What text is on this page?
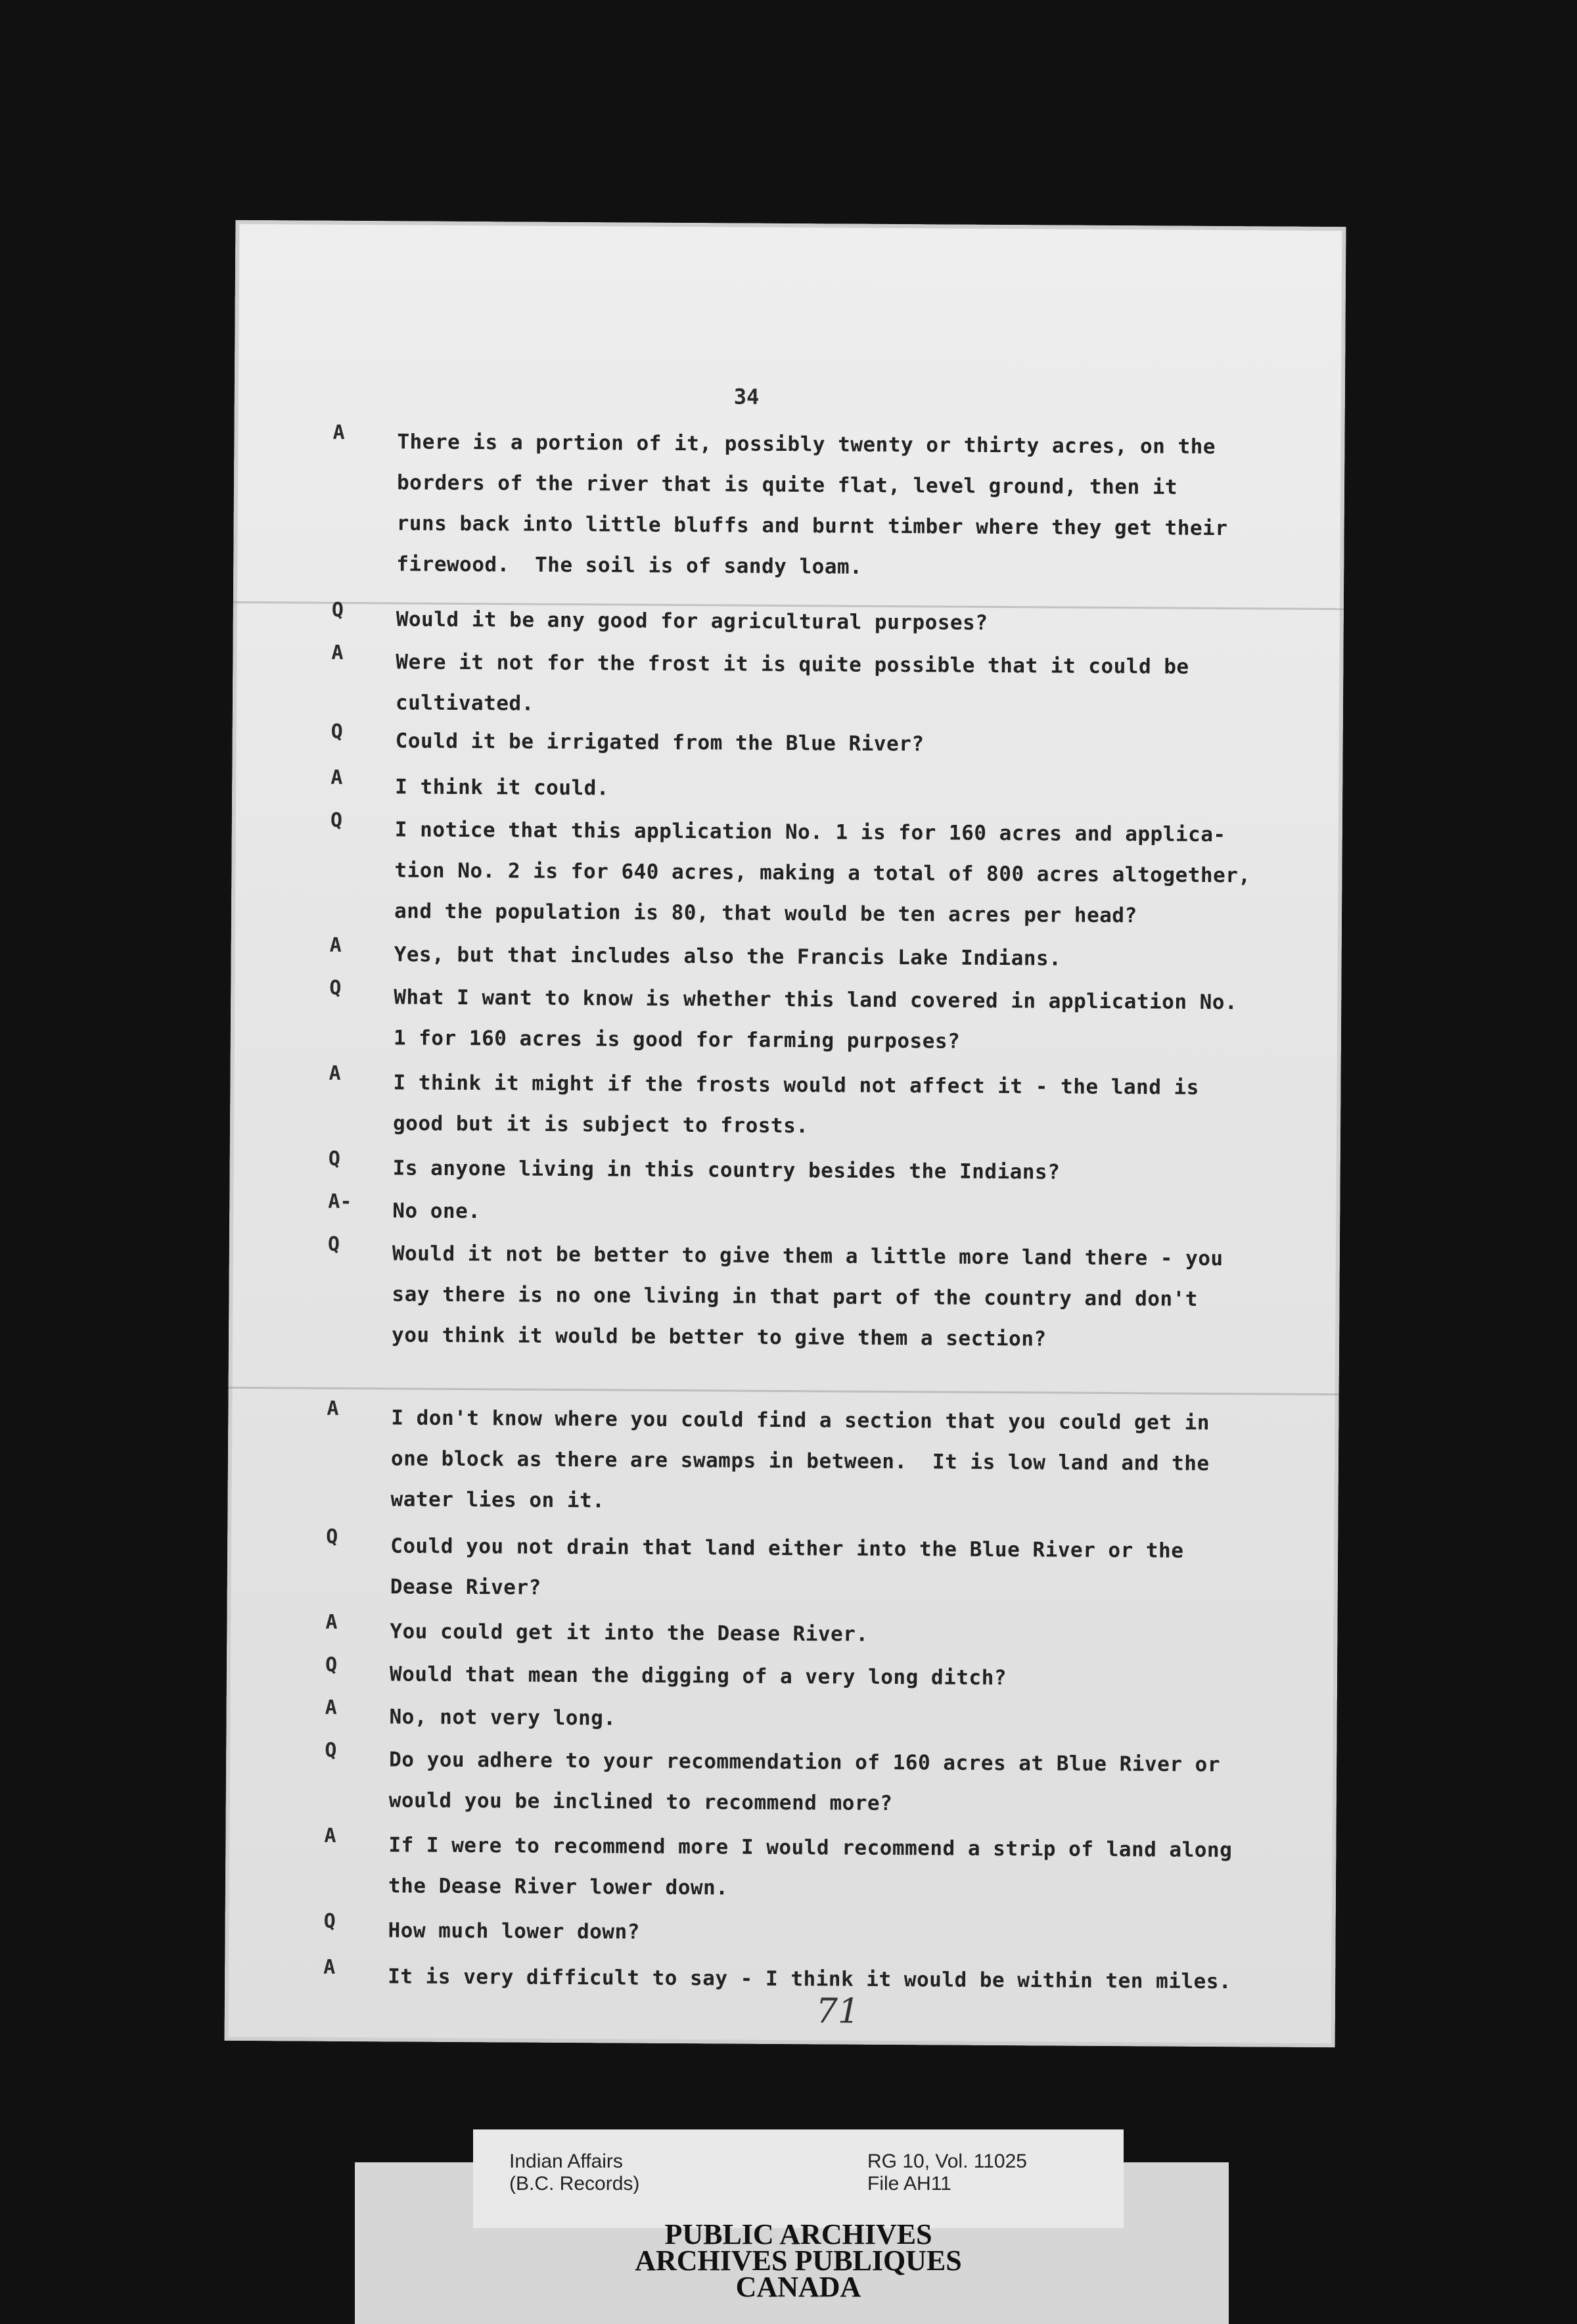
34
A	There is a portion of it, possibly twenty or thirty acres, on the
borders of the river that is quite flat, level ground, then it
runs back into little bluffs and burnt timber where they get their
firewood.  The soil is of sandy loam.
Q	Would it be any good for agricultural purposes?
A	Were it not for the frost it is quite possible that it could be
cultivated.
Q	Could it be irrigated from the Blue River?
A	I think it could.
Q	I notice that this application No. 1 is for 160 acres and applica-
tion No. 2 is for 640 acres, making a total of 800 acres altogether,
and the population is 80, that would be ten acres per head?
A	Yes, but that includes also the Francis Lake Indians.
Q	What I want to know is whether this land covered in application No.
1 for 160 acres is good for farming purposes?
A	I think it might if the frosts would not affect it - the land is
good but it is subject to frosts.
Q	Is anyone living in this country besides the Indians?
A- No one.
Q	Would it not be better to give them a little more land there - you
say there is no one living in that part of the country and don't
you think it would be better to give them a section?
A	I don't know where you could find a section that you could get in
one block as there are swamps in between.  It is low land and the
water lies on it.
Q	Could you not drain that land either into the Blue River or the
Dease River?
A	You could get it into the Dease River.
Q	Would that mean the digging of a very long ditch?
A	No, not very long.
Q	Do you adhere to your recommendation of 160 acres at Blue River or
would you be inclined to recommend more?
A	If I were to recommend more I would recommend a strip of land along
the Dease River lower down.
Q	How much lower down?
A	It is very difficult to say - I think it would be within ten miles.
71
Indian Affairs
(B.C. Records)
RG 10, Vol. 11025
File AH11
PUBLIC ARCHIVES
ARCHIVES PUBLIQUES
CANADA
